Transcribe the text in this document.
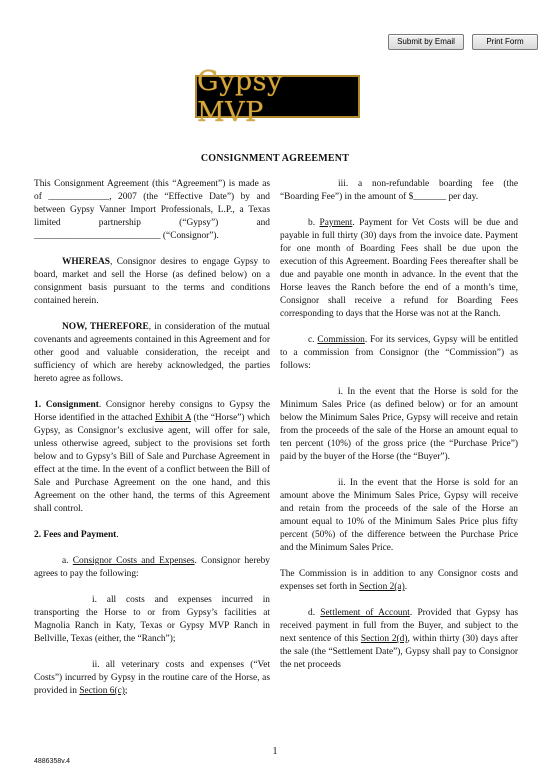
Submit by Email	Print Form
Gypsy MVP
CONSIGNMENT AGREEMENT

This Consignment Agreement (this “Agreement”) is made as of _____________, 2007 (the “Effective Date”) by and between Gypsy Vanner Import Professionals, L.P., a Texas limited partnership (“Gypsy”) and ___________________________ (“Consignor”).

WHEREAS, Consignor desires to engage Gypsy to board, market and sell the Horse (as defined below) on a consignment basis pursuant to the terms and conditions contained herein.

NOW, THEREFORE, in consideration of the mutual covenants and agreements contained in this Agreement and for other good and valuable consideration, the receipt and sufficiency of which are hereby acknowledged, the parties hereto agree as follows.

1. Consignment. Consignor hereby consigns to Gypsy the Horse identified in the attached Exhibit A (the “Horse”) which Gypsy, as Consignor’s exclusive agent, will offer for sale, unless otherwise agreed, subject to the provisions set forth below and to Gypsy’s Bill of Sale and Purchase Agreement in effect at the time. In the event of a conflict between the Bill of Sale and Purchase Agreement on the one hand, and this Agreement on the other hand, the terms of this Agreement shall control.

2. Fees and Payment.

a. Consignor Costs and Expenses. Consignor hereby agrees to pay the following:

i. all costs and expenses incurred in transporting the Horse to or from Gypsy’s facilities at Magnolia Ranch in Katy, Texas or Gypsy MVP Ranch in Bellville, Texas (either, the “Ranch”);

ii. all veterinary costs and expenses (“Vet Costs”) incurred by Gypsy in the routine care of the Horse, as provided in Section 6(c);

iii. a non-refundable boarding fee (the “Boarding Fee”) in the amount of $_______ per day.

b. Payment. Payment for Vet Costs will be due and payable in full thirty (30) days from the invoice date. Payment for one month of Boarding Fees shall be due upon the execution of this Agreement. Boarding Fees thereafter shall be due and payable one month in advance. In the event that the Horse leaves the Ranch before the end of a month’s time, Consignor shall receive a refund for Boarding Fees corresponding to days that the Horse was not at the Ranch.

c. Commission. For its services, Gypsy will be entitled to a commission from Consignor (the “Commission”) as follows:

i. In the event that the Horse is sold for the Minimum Sales Price (as defined below) or for an amount below the Minimum Sales Price, Gypsy will receive and retain from the proceeds of the sale of the Horse an amount equal to ten percent (10%) of the gross price (the “Purchase Price”) paid by the buyer of the Horse (the “Buyer”).

ii. In the event that the Horse is sold for an amount above the Minimum Sales Price, Gypsy will receive and retain from the proceeds of the sale of the Horse an amount equal to 10% of the Minimum Sales Price plus fifty percent (50%) of the difference between the Purchase Price and the Minimum Sales Price.

The Commission is in addition to any Consignor costs and expenses set forth in Section 2(a).

d. Settlement of Account. Provided that Gypsy has received payment in full from the Buyer, and subject to the next sentence of this Section 2(d), within thirty (30) days after the sale (the “Settlement Date”), Gypsy shall pay to Consignor the net proceeds

1
4886358v.4
